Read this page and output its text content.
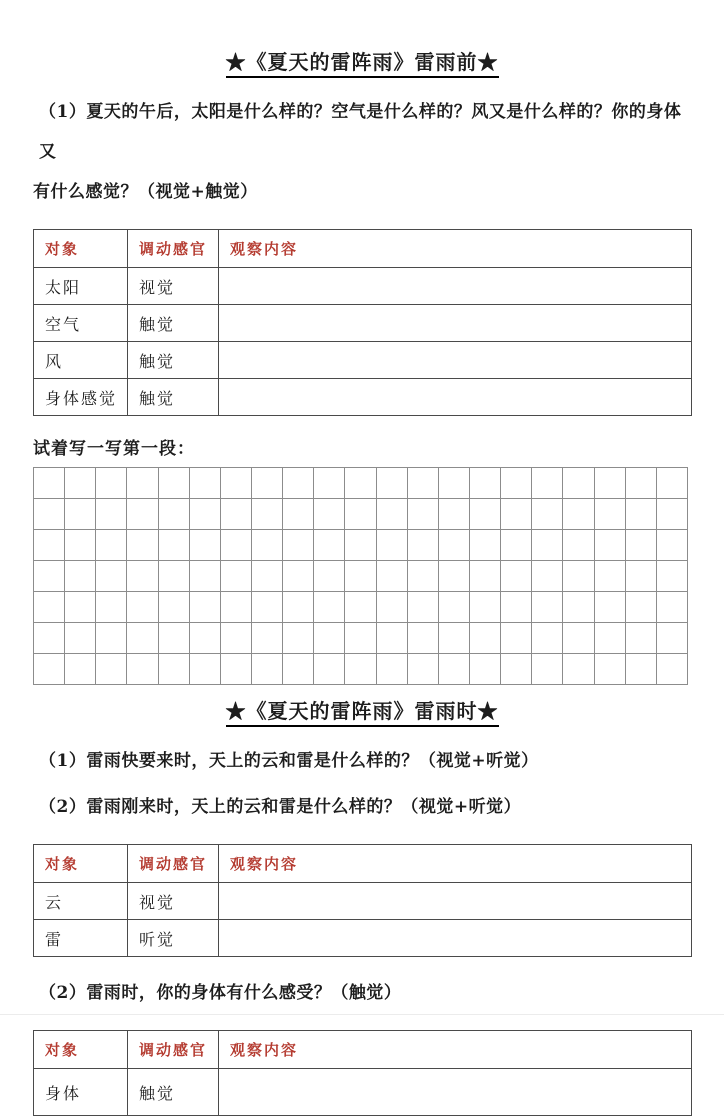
★《夏天的雷阵雨》雷雨前★
（1）夏天的午后，太阳是什么样的？空气是什么样的？风又是什么样的？你的身体又
有什么感觉？（视觉+触觉）
对象	调动感官	观察内容
太阳	视觉	
空气	触觉	
风	触觉	
身体感觉	触觉	
试着写一写第一段：
★《夏天的雷阵雨》雷雨时★
（1）雷雨快要来时，天上的云和雷是什么样的？（视觉+听觉）
（2）雷雨刚来时，天上的云和雷是什么样的？（视觉+听觉）
对象	调动感官	观察内容
云	视觉	
雷	听觉	
（2）雷雨时，你的身体有什么感受？（触觉）
对象	调动感官	观察内容
身体	触觉	
